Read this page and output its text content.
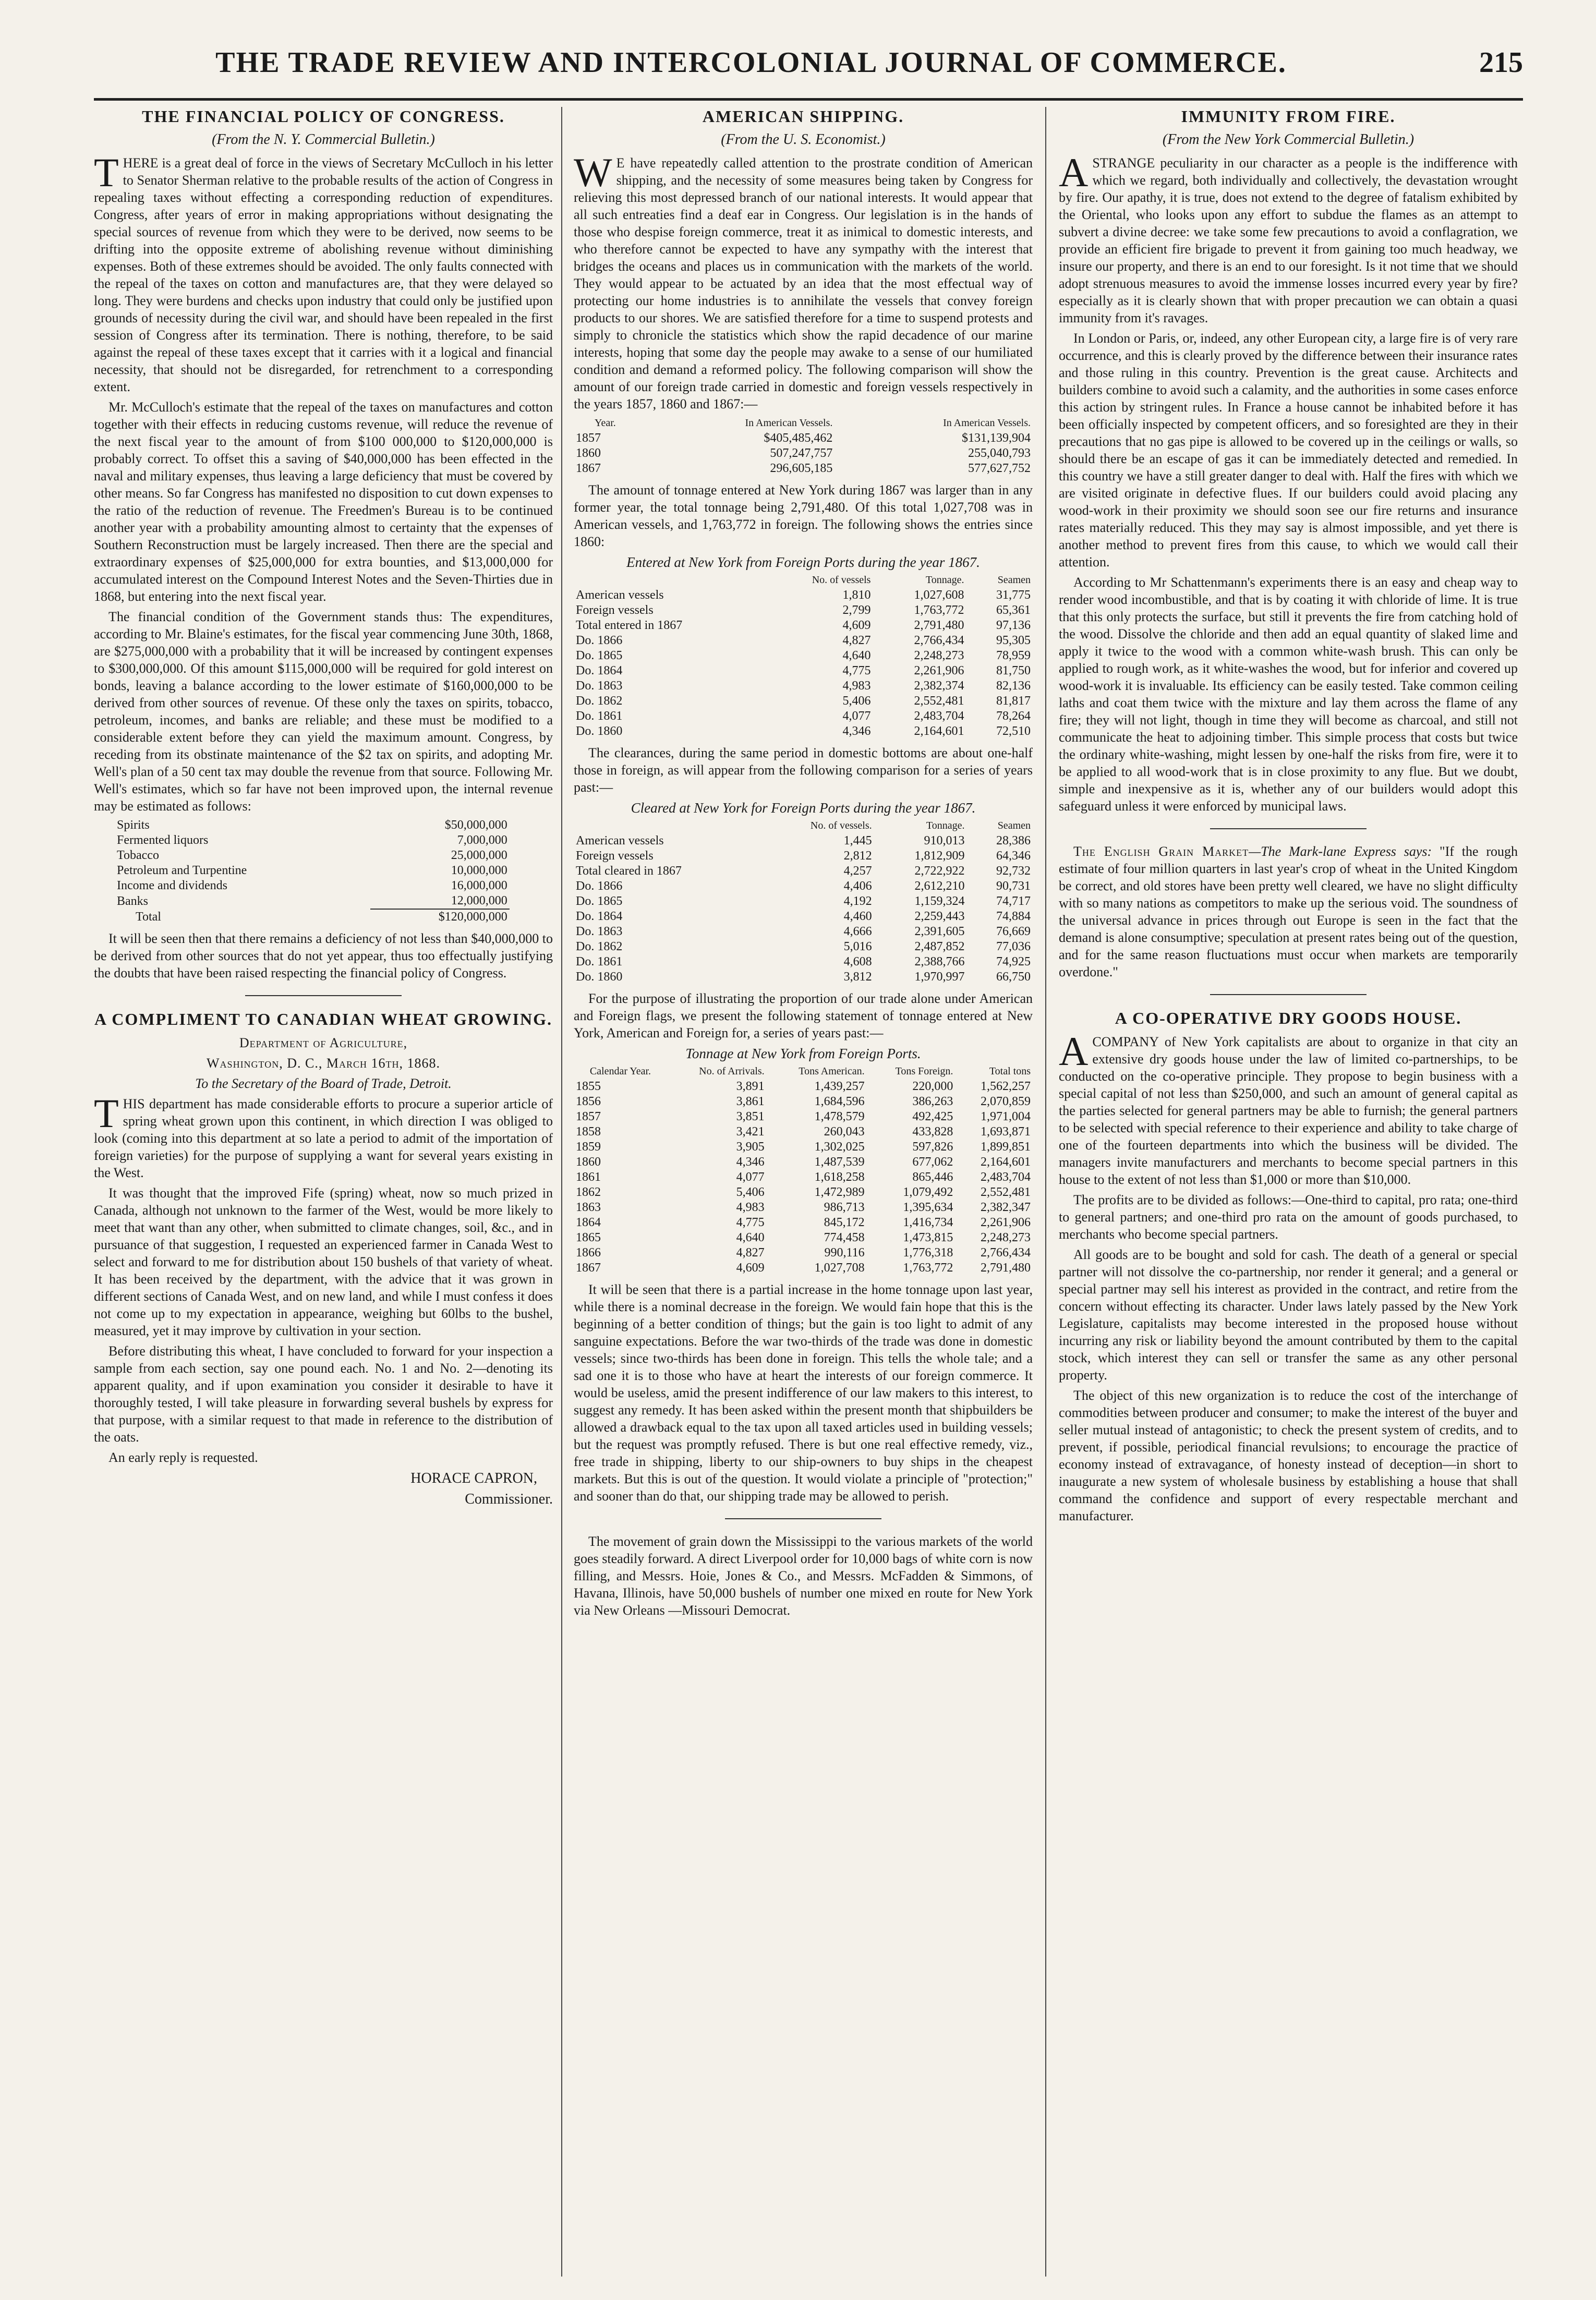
THE TRADE REVIEW AND INTERCOLONIAL JOURNAL OF COMMERCE.	215
THE FINANCIAL POLICY OF CONGRESS.
(From the N. Y. Commercial Bulletin.)

THERE is a great deal of force in the views of Secretary McCulloch in his letter to Senator Sherman relative to the probable results of the action of Congress in repealing taxes without effecting a corresponding reduction of expenditures. Congress, after years of error in making appropriations without designating the special sources of revenue from which they were to be derived, now seems to be drifting into the opposite extreme of abolishing revenue without diminishing expenses. Both of these extremes should be avoided. The only faults connected with the repeal of the taxes on cotton and manufactures are, that they were delayed so long. They were burdens and checks upon industry that could only be justified upon grounds of necessity during the civil war, and should have been repealed in the first session of Congress after its termination. There is nothing, therefore, to be said against the repeal of these taxes except that it carries with it a logical and financial necessity, that should not be disregarded, for retrenchment to a corresponding extent.

Mr. McCulloch's estimate that the repeal of the taxes on manufactures and cotton together with their effects in reducing customs revenue, will reduce the revenue of the next fiscal year to the amount of from $100 000,000 to $120,000,000 is probably correct. To offset this a saving of $40,000,000 has been effected in the naval and military expenses, thus leaving a large deficiency that must be covered by other means. So far Congress has manifested no disposition to cut down expenses to the ratio of the reduction of revenue. The Freedmen's Bureau is to be continued another year with a probability amounting almost to certainty that the expenses of Southern Reconstruction must be largely increased. Then there are the special and extraordinary expenses of $25,000,000 for extra bounties, and $13,000,000 for accumulated interest on the Compound Interest Notes and the Seven-Thirties due in 1868, but entering into the next fiscal year.

The financial condition of the Government stands thus: The expenditures, according to Mr. Blaine's estimates, for the fiscal year commencing June 30th, 1868, are $275,000,000 with a probability that it will be increased by contingent expenses to $300,000,000. Of this amount $115,000,000 will be required for gold interest on bonds, leaving a balance according to the lower estimate of $160,000,000 to be derived from other sources of revenue. Of these only the taxes on spirits, tobacco, petroleum, incomes, and banks are reliable; and these must be modified to a considerable extent before they can yield the maximum amount. Congress, by receding from its obstinate maintenance of the $2 tax on spirits, and adopting Mr. Well's plan of a 50 cent tax may double the revenue from that source. Following Mr. Well's estimates, which so far have not been improved upon, the internal revenue may be estimated as follows:

Spirits	$50,000,000
Fermented liquors	7,000,000
Tobacco	25,000,000
Petroleum and Turpentine	10,000,000
Income and dividends	16,000,000
Banks	12,000,000
Total	$120,000,000

It will be seen then that there remains a deficiency of not less than $40,000,000 to be derived from other sources that do not yet appear, thus too effectually justifying the doubts that have been raised respecting the financial policy of Congress.

A COMPLIMENT TO CANADIAN WHEAT GROWING.

Department of Agriculture,

Washington, D. C., March 16th, 1868.

To the Secretary of the Board of Trade, Detroit.

THIS department has made considerable efforts to procure a superior article of spring wheat grown upon this continent, in which direction I was obliged to look (coming into this department at so late a period to admit of the importation of foreign varieties) for the purpose of supplying a want for several years existing in the West.

It was thought that the improved Fife (spring) wheat, now so much prized in Canada, although not unknown to the farmer of the West, would be more likely to meet that want than any other, when submitted to climate changes, soil, &c., and in pursuance of that suggestion, I requested an experienced farmer in Canada West to select and forward to me for distribution about 150 bushels of that variety of wheat. It has been received by the department, with the advice that it was grown in different sections of Canada West, and on new land, and while I must confess it does not come up to my expectation in appearance, weighing but 60lbs to the bushel, measured, yet it may improve by cultivation in your section.

Before distributing this wheat, I have concluded to forward for your inspection a sample from each section, say one pound each. No. 1 and No. 2—denoting its apparent quality, and if upon examination you consider it desirable to have it thoroughly tested, I will take pleasure in forwarding several bushels by express for that purpose, with a similar request to that made in reference to the distribution of the oats.

An early reply is requested.

HORACE CAPRON,
Commissioner.
AMERICAN SHIPPING.
(From the U. S. Economist.)

WE have repeatedly called attention to the prostrate condition of American shipping, and the necessity of some measures being taken by Congress for relieving this most depressed branch of our national interests. It would appear that all such entreaties find a deaf ear in Congress. Our legislation is in the hands of those who despise foreign commerce, treat it as inimical to domestic interests, and who therefore cannot be expected to have any sympathy with the interest that bridges the oceans and places us in communication with the markets of the world. They would appear to be actuated by an idea that the most effectual way of protecting our home industries is to annihilate the vessels that convey foreign products to our shores. We are satisfied therefore for a time to suspend protests and simply to chronicle the statistics which show the rapid decadence of our marine interests, hoping that some day the people may awake to a sense of our humiliated condition and demand a reformed policy. The following comparison will show the amount of our foreign trade carried in domestic and foreign vessels respectively in the years 1857, 1860 and 1867:—

Year.	In American Vessels.	In American Vessels.
1857	$405,485,462	$131,139,904
1860	507,247,757	255,040,793
1867	296,605,185	577,627,752

The amount of tonnage entered at New York during 1867 was larger than in any former year, the total tonnage being 2,791,480. Of this total 1,027,708 was in American vessels, and 1,763,772 in foreign. The following shows the entries since 1860:

Entered at New York from Foreign Ports during the year 1867.
	No. of vessels	Tonnage.	Seamen
American vessels	1,810	1,027,608	31,775
Foreign vessels	2,799	1,763,772	65,361
Total entered in 1867	4,609	2,791,480	97,136
Do. 1866	4,827	2,766,434	95,305
Do. 1865	4,640	2,248,273	78,959
Do. 1864	4,775	2,261,906	81,750
Do. 1863	4,983	2,382,374	82,136
Do. 1862	5,406	2,552,481	81,817
Do. 1861	4,077	2,483,704	78,264
Do. 1860	4,346	2,164,601	72,510

The clearances, during the same period in domestic bottoms are about one-half those in foreign, as will appear from the following comparison for a series of years past:—

Cleared at New York for Foreign Ports during the year 1867.
	No. of vessels.	Tonnage.	Seamen
American vessels	1,445	910,013	28,386
Foreign vessels	2,812	1,812,909	64,346
Total cleared in 1867	4,257	2,722,922	92,732
Do. 1866	4,406	2,612,210	90,731
Do. 1865	4,192	1,159,324	74,717
Do. 1864	4,460	2,259,443	74,884
Do. 1863	4,666	2,391,605	76,669
Do. 1862	5,016	2,487,852	77,036
Do. 1861	4,608	2,388,766	74,925
Do. 1860	3,812	1,970,997	66,750

For the purpose of illustrating the proportion of our trade alone under American and Foreign flags, we present the following statement of tonnage entered at New York, American and Foreign for, a series of years past:—

Tonnage at New York from Foreign Ports.
Calendar Year.	No. of Arrivals.	Tons American.	Tons Foreign.	Total tons
1855	3,891	1,439,257	220,000	1,562,257
1856	3,861	1,684,596	386,263	2,070,859
1857	3,851	1,478,579	492,425	1,971,004
1858	3,421	260,043	433,828	1,693,871
1859	3,905	1,302,025	597,826	1,899,851
1860	4,346	1,487,539	677,062	2,164,601
1861	4,077	1,618,258	865,446	2,483,704
1862	5,406	1,472,989	1,079,492	2,552,481
1863	4,983	986,713	1,395,634	2,382,347
1864	4,775	845,172	1,416,734	2,261,906
1865	4,640	774,458	1,473,815	2,248,273
1866	4,827	990,116	1,776,318	2,766,434
1867	4,609	1,027,708	1,763,772	2,791,480

It will be seen that there is a partial increase in the home tonnage upon last year, while there is a nominal decrease in the foreign. We would fain hope that this is the beginning of a better condition of things; but the gain is too light to admit of any sanguine expectations. Before the war two-thirds of the trade was done in domestic vessels; since two-thirds has been done in foreign. This tells the whole tale; and a sad one it is to those who have at heart the interests of our foreign commerce. It would be useless, amid the present indifference of our law makers to this interest, to suggest any remedy. It has been asked within the present month that shipbuilders be allowed a drawback equal to the tax upon all taxed articles used in building vessels; but the request was promptly refused. There is but one real effective remedy, viz., free trade in shipping, liberty to our ship-owners to buy ships in the cheapest markets. But this is out of the question. It would violate a principle of "protection;" and sooner than do that, our shipping trade may be allowed to perish.

The movement of grain down the Mississippi to the various markets of the world goes steadily forward. A direct Liverpool order for 10,000 bags of white corn is now filling, and Messrs. Hoie, Jones & Co., and Messrs. McFadden & Simmons, of Havana, Illinois, have 50,000 bushels of number one mixed en route for New York via New Orleans —Missouri Democrat.

IMMUNITY FROM FIRE.
(From the New York Commercial Bulletin.)

ASTRANGE peculiarity in our character as a people is the indifference with which we regard, both individually and collectively, the devastation wrought by fire. Our apathy, it is true, does not extend to the degree of fatalism exhibited by the Oriental, who looks upon any effort to subdue the flames as an attempt to subvert a divine decree: we take some few precautions to avoid a conflagration, we provide an efficient fire brigade to prevent it from gaining too much headway, we insure our property, and there is an end to our foresight. Is it not time that we should adopt strenuous measures to avoid the immense losses incurred every year by fire? especially as it is clearly shown that with proper precaution we can obtain a quasi immunity from it's ravages.

In London or Paris, or, indeed, any other European city, a large fire is of very rare occurrence, and this is clearly proved by the difference between their insurance rates and those ruling in this country. Prevention is the great cause. Architects and builders combine to avoid such a calamity, and the authorities in some cases enforce this action by stringent rules. In France a house cannot be inhabited before it has been officially inspected by competent officers, and so foresighted are they in their precautions that no gas pipe is allowed to be covered up in the ceilings or walls, so should there be an escape of gas it can be immediately detected and remedied. In this country we have a still greater danger to deal with. Half the fires with which we are visited originate in defective flues. If our builders could avoid placing any wood-work in their proximity we should soon see our fire returns and insurance rates materially reduced. This they may say is almost impossible, and yet there is another method to prevent fires from this cause, to which we would call their attention.

According to Mr Schattenmann's experiments there is an easy and cheap way to render wood incombustible, and that is by coating it with chloride of lime. It is true that this only protects the surface, but still it prevents the fire from catching hold of the wood. Dissolve the chloride and then add an equal quantity of slaked lime and apply it twice to the wood with a common white-wash brush. This can only be applied to rough work, as it white-washes the wood, but for inferior and covered up wood-work it is invaluable. Its efficiency can be easily tested. Take common ceiling laths and coat them twice with the mixture and lay them across the flame of any fire; they will not light, though in time they will become as charcoal, and still not communicate the heat to adjoining timber. This simple process that costs but twice the ordinary white-washing, might lessen by one-half the risks from fire, were it to be applied to all wood-work that is in close proximity to any flue. But we doubt, simple and inexpensive as it is, whether any of our builders would adopt this safeguard unless it were enforced by municipal laws.

The English Grain Market—The Mark-lane Express says: "If the rough estimate of four million quarters in last year's crop of wheat in the United Kingdom be correct, and old stores have been pretty well cleared, we have no slight difficulty with so many nations as competitors to make up the serious void. The soundness of the universal advance in prices through out Europe is seen in the fact that the demand is alone consumptive; speculation at present rates being out of the question, and for the same reason fluctuations must occur when markets are temporarily overdone."

A CO-OPERATIVE DRY GOODS HOUSE.

ACOMPANY of New York capitalists are about to organize in that city an extensive dry goods house under the law of limited co-partnerships, to be conducted on the co-operative principle. They propose to begin business with a special capital of not less than $250,000, and such an amount of general capital as the parties selected for general partners may be able to furnish; the general partners to be selected with special reference to their experience and ability to take charge of one of the fourteen departments into which the business will be divided. The managers invite manufacturers and merchants to become special partners in this house to the extent of not less than $1,000 or more than $10,000.

The profits are to be divided as follows:—One-third to capital, pro rata; one-third to general partners; and one-third pro rata on the amount of goods purchased, to merchants who become special partners.

All goods are to be bought and sold for cash. The death of a general or special partner will not dissolve the co-partnership, nor render it general; and a general or special partner may sell his interest as provided in the contract, and retire from the concern without effecting its character. Under laws lately passed by the New York Legislature, capitalists may become interested in the proposed house without incurring any risk or liability beyond the amount contributed by them to the capital stock, which interest they can sell or transfer the same as any other personal property.

The object of this new organization is to reduce the cost of the interchange of commodities between producer and consumer; to make the interest of the buyer and seller mutual instead of antagonistic; to check the present system of credits, and to prevent, if possible, periodical financial revulsions; to encourage the practice of economy instead of extravagance, of honesty instead of deception—in short to inaugurate a new system of wholesale business by establishing a house that shall command the confidence and support of every respectable merchant and manufacturer.
